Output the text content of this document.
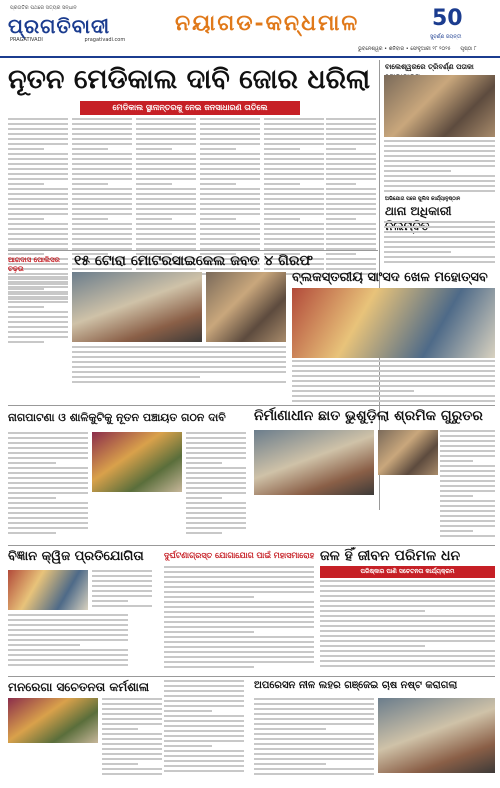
ପ୍ରଗତିର ପଥରେ ସତ୍ୟର ସନ୍ଧାନ
ପ୍ରଗତିବାଦୀ
PRAGATIVADI	pragativadi.com
ନୟାଗଡ-କନ୍ଧମାଳ	50
ସୁବର୍ଣ୍ଣ ଜୟନ୍ତୀ
ଭୁବନେଶ୍ୱର • ଶନିବାର • ଫେବୃଆରୀ ୨୮ ୨୦୨୫ ପୃଷ୍ଠା ୮
ନୂତନ ମେଡିକାଲ ଦାବି ଜୋର ଧରିଲା
ମେଡିକାଲ ସ୍ଥାନାନ୍ତରକୁ ନେଇ ଜନସାଧାରଣ ତାତିଲେ
ବାଲେଶ୍ୱରରେ ତ୍ରିବର୍ଣ୍ଣ ପତାକା
ଅଭିଯୋଗ ପରେ ପୁଲିସ କାର୍ଯ୍ୟାନୁଷ୍ଠାନ
ଥାନା ଅଧିକାରୀ
ଆଗଦାସ ପୋଲିସର ଚଢ଼ଉ	୧୫ ଟୋରା ମୋଟରସାଇକେଲ ଜବତ ୪ ଗିରଫ
ବ୍ଲକସ୍ତରୀୟ ସାଂସଦ ଖେଳ ମହୋତ୍ସବ
ନାଗପାଟଣା ଓ ଶାଳିକୁଟିକୁ ନୂତନ ପଞ୍ଚାୟତ ଗଠନ ଦାବି ନିର୍ମାଣାଧୀନ ଛାତ ଭୁଶୁଡ଼ିଲା ଶ୍ରମିକ ଗୁରୁତର
ବିଜ୍ଞାନ କ୍ୱିଜ ପ୍ରତିଯୋଗିତା	ଦୁର୍ଘଟଣାଗ୍ରସ୍ତ ଯୋଗାଯୋଗ ପାଇଁ ମହାସମାରୋହ ଜଳ ହିଁ ଜୀବନ ପରିମଳ ଧନ
ପରିଷ୍କାର ପାଣି ସଚେତନତା କାର୍ଯ୍ୟକ୍ରମ
ମନରେଗା ସଚେତନତା କର୍ମଶାଳା	ଅପରେସନ ନୀଳ ଲହର ଗଞ୍ଜେଇ ଚାଷ ନଷ୍ଟ କରାଗଲା
